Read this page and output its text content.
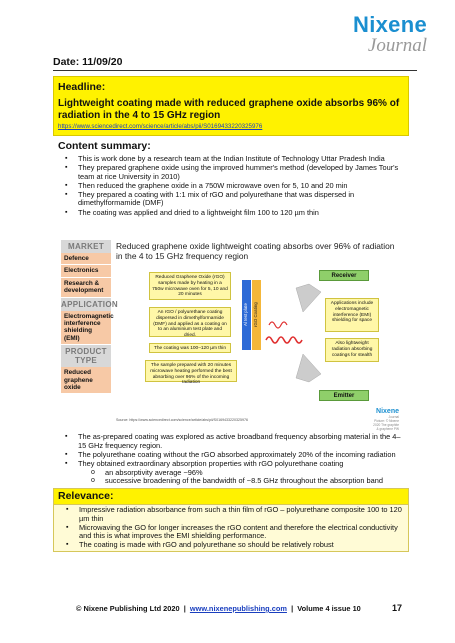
Nixene
Journal
Date: 11/09/20
Headline:
Lightweight coating made with reduced graphene oxide absorbs 96% of radiation in the 4 to 15 GHz region
https://www.sciencedirect.com/science/article/abs/pii/S0169433220325976
Content summary:
▪ This is work done by a research team at the Indian Institute of Technology Uttar Pradesh India
▪ They prepared graphene oxide using the improved hummer's method (developed by James Tour's team at rice University in 2010)
▪ Then reduced the graphene oxide in a 750W microwave oven for 5, 10 and 20 min
▪ They prepared a coating with 1:1 mix of rGO and polyurethane that was dispersed in dimethylformamide (DMF)
▪ The coating was applied and dried to a lightweight film 100 to 120 µm thin
MARKET
Defence
Electronics
Research & development
APPLICATION
Electromagnetic interference shielding (EMI)
PRODUCT TYPE
Reduced graphene oxide
Reduced graphene oxide lightweight coating absorbs over 96% of radiation in the 4 to 15 GHz frequency region
Reduced Graphene Oxide (rGO) samples made by heating in a 750w microwave oven for 5, 10 and 20 minutes
An rGO / polyurethane coating dispersed in dimethylformamide (DMF) and applied as a coating on to an aluminium test plate and dried.
The coating was 100–120 µm thin
The sample prepared with 20 minutes microwave heating performed the best absorbing over 96% of the incoming radiation
Al test plate	rGO Coating
Receiver
Emitter
Applications include electromagnetic interference (EMI) shielding for space
Also lightweight radiation absorbing coatings for stealth
Source: https://www.sciencedirect.com/science/article/abs/pii/S0169433220325976
Nixene
Journal
Picture: © Nixene 2020 The graphite & graphene PW
▪ The as-prepared coating was explored as active broadband frequency absorbing material in the 4–15 GHz frequency region.
▪ The polyurethane coating without the rGO absorbed approximately 20% of the incoming radiation
▪ They obtained extraordinary absorption properties with rGO polyurethane coating
o an absorptivity average ~96%
o successive broadening of the bandwidth of ~8.5 GHz throughout the absorption band
Relevance:
▪ Impressive radiation absorbance from such a thin film of rGO – polyurethane composite 100 to 120 µm thin
▪ Microwaving the GO for longer increases the rGO content and therefore the electrical conductivity and this is what improves the EMI shielding performance.
▪ The coating is made with rGO and polyurethane so should be relatively robust
© Nixene Publishing Ltd 2020 | www.nixenepublishing.com | Volume 4 issue 10	17
